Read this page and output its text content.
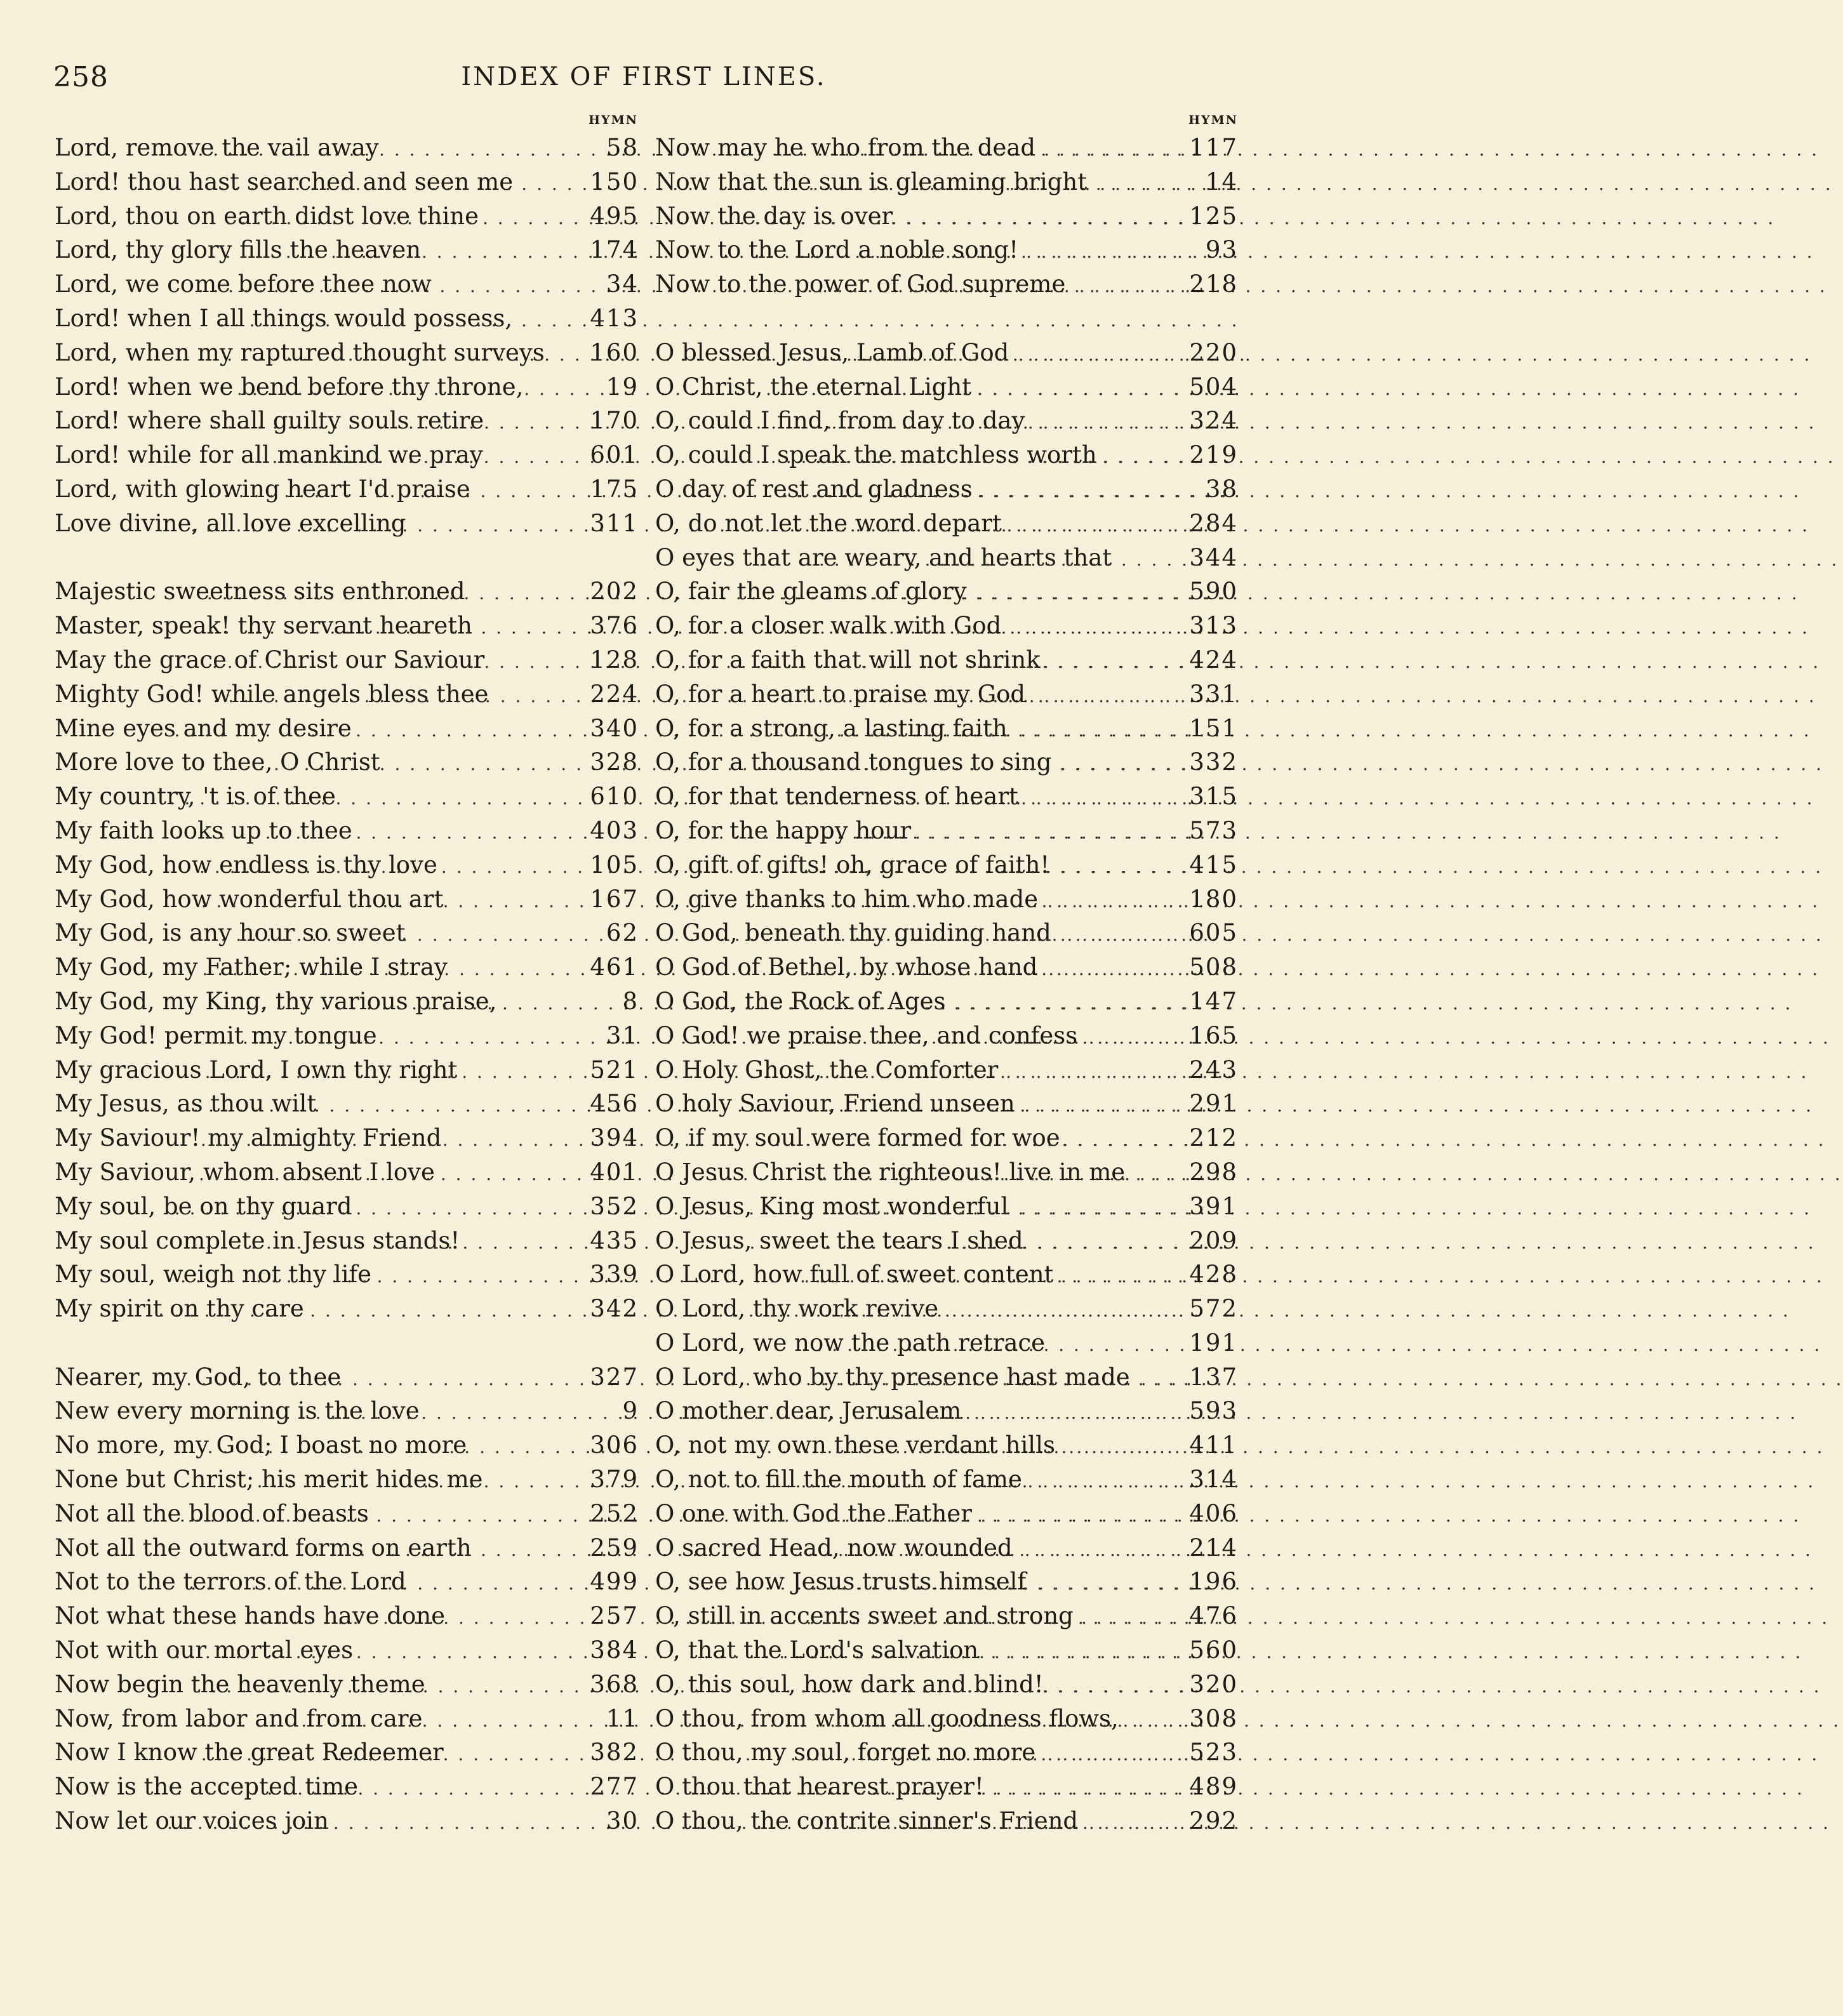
258	INDEX OF FIRST LINES.
HYMN
Lord, remove the vail away . . .	58
Lord! thou hast searched and seen me . . .	150
Lord, thou on earth didst love thine . . .	495
Lord, thy glory fills the heaven . . .	174
Lord, we come before thee now . . .	34
Lord! when I all things would possess, . . .	413
Lord, when my raptured thought surveys . . . 160
Lord! when we bend before thy throne, . . .	19
Lord! where shall guilty souls retire . . .	170
Lord! while for all mankind we pray . . .	601
Lord, with glowing heart I'd praise . . .	175
Love divine, all love excelling . . .	311
Majestic sweetness sits enthroned . . .	202
Master, speak! thy servant heareth . . .	376
May the grace of Christ our Saviour . . .	128
Mighty God! while angels bless thee . . .	224
Mine eyes and my desire . . .	340
More love to thee, O Christ . . .	328
My country, 't is of thee . . .	610
My faith looks up to thee . . .	403
My God, how endless is thy love . . .	105
My God, how wonderful thou art . . .	167
My God, is any hour so sweet . . .	62
My God, my Father; while I stray . . .	461
My God, my King, thy various praise, . . .	8
My God! permit my tongue . . .	31
My gracious Lord, I own thy right . . .	521
My Jesus, as thou wilt . . .	456
My Saviour! my almighty Friend . . .	394
My Saviour, whom absent I love . . .	401
My soul, be on thy guard . . .	352
My soul complete in Jesus stands! . . .	435
My soul, weigh not thy life . . .	339
My spirit on thy care . . .	342
Nearer, my God, to thee . . .	327
New every morning is the love . . .	9
No more, my God; I boast no more . . .	306
None but Christ; his merit hides me . . .	379
Not all the blood of beasts . . .	252
Not all the outward forms on earth . . .	259
Not to the terrors of the Lord . . .	499
Not what these hands have done . . .	257
Not with our mortal eyes . . .	384
Now begin the heavenly theme . . .	368
Now, from labor and from care . . .	11
Now I know the great Redeemer . . .	382
Now is the accepted time . . .	277
Now let our voices join . . .	30
HYMN
Now may he who from the dead . . .	117
Now that the sun is gleaming bright . . .	14
Now the day is over . . .	125
Now to the Lord a noble song! . . .	93
Now to the power of God supreme . . .	218
O blessed Jesus, Lamb of God . . .	220
O Christ, the eternal Light . . .	504
O, could I find, from day to day . . .	324
O, could I speak the matchless worth . . .	219
O day of rest and gladness . . .	38
O, do not let the word depart . . .	284
O eyes that are weary, and hearts that . . .	344
O, fair the gleams of glory . . .	590
O, for a closer walk with God . . .	313
O, for a faith that will not shrink . . .	424
O, for a heart to praise my God . . .	331
O, for a strong, a lasting faith . . .	151
O, for a thousand tongues to sing . . .	332
O, for that tenderness of heart . . .	315
O, for the happy hour . . .	573
O, gift of gifts! oh, grace of faith! . . .	415
O, give thanks to him who made . . .	180
O God, beneath thy guiding hand . . .	605
O God of Bethel, by whose hand . . .	508
O God, the Rock of Ages . . .	147
O God! we praise thee, and confess . . .	165
O Holy Ghost, the Comforter . . .	243
O holy Saviour, Friend unseen . . .	291
O, if my soul were formed for woe . . .	212
O Jesus Christ the righteous! live in me . . .	298
O Jesus, King most wonderful . . .	391
O Jesus, sweet the tears I shed . . .	209
O Lord, how full of sweet content . . .	428
O Lord, thy work revive . . .	572
O Lord, we now the path retrace . . .	191
O Lord, who by thy presence hast made . . .	137
O mother dear, Jerusalem . . .	593
O, not my own these verdant hills . . .	411
O, not to fill the mouth of fame . . .	314
O one with God the Father . . .	406
O sacred Head, now wounded . . .	214
O, see how Jesus trusts himself . . .	196
O, still in accents sweet and strong . . .	476
O, that the Lord's salvation . . .	560
O, this soul, how dark and blind! . . .	320
O thou, from whom all goodness flows, . . .	308
O thou, my soul, forget no more . . .	523
O thou that hearest prayer! . . .	489
O thou, the contrite sinner's Friend . . .	292
